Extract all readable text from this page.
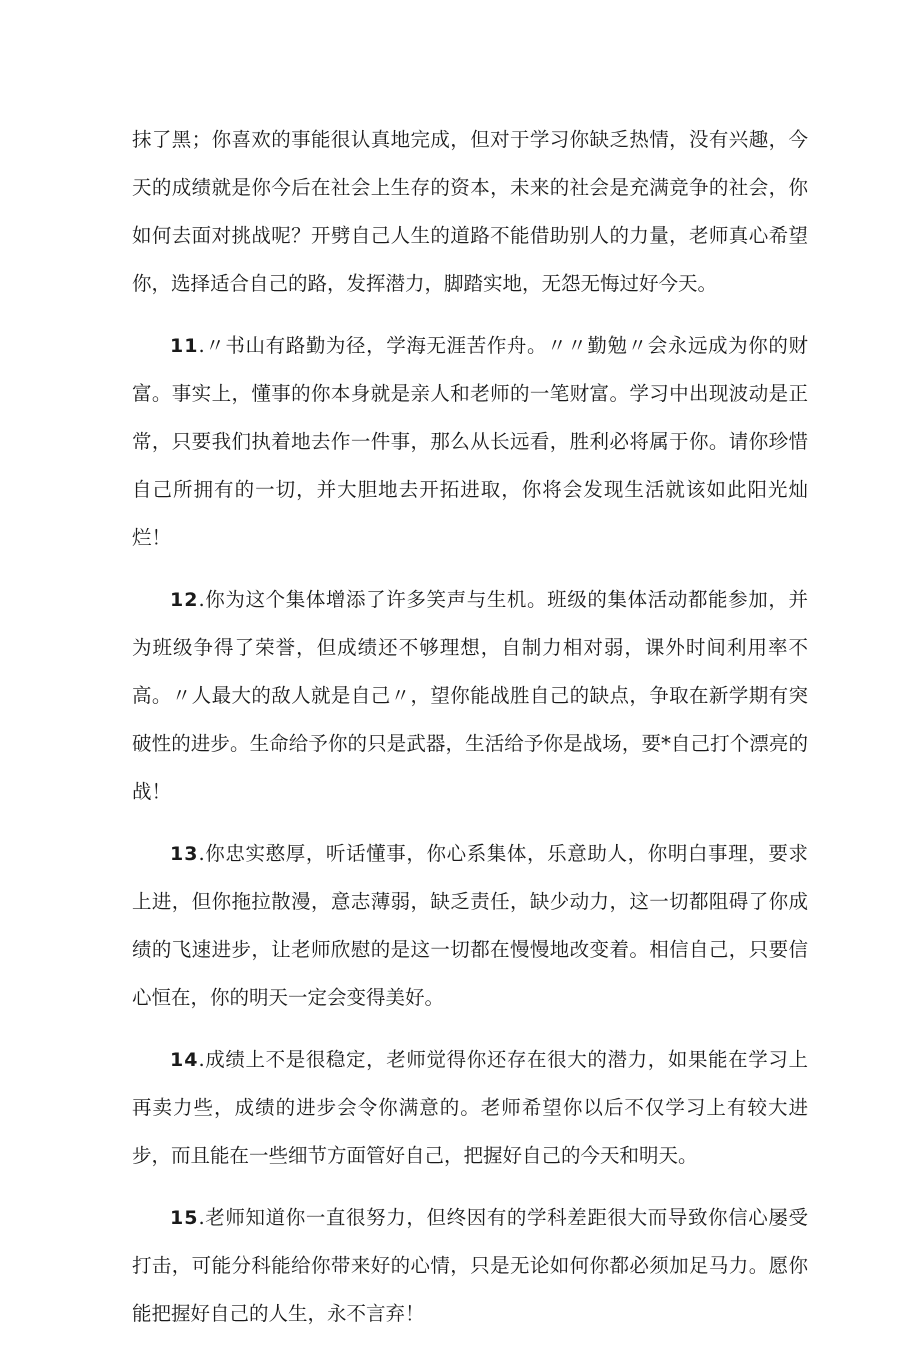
抹了黑；你喜欢的事能很认真地完成，但对于学习你缺乏热情，没有兴趣，今天的成绩就是你今后在社会上生存的资本，未来的社会是充满竞争的社会，你如何去面对挑战呢？开劈自己人生的道路不能借助别人的力量，老师真心希望你，选择适合自己的路，发挥潜力，脚踏实地，无怨无悔过好今天。

11.〃书山有路勤为径，学海无涯苦作舟。〃〃勤勉〃会永远成为你的财富。事实上，懂事的你本身就是亲人和老师的一笔财富。学习中出现波动是正常，只要我们执着地去作一件事，那么从长远看，胜利必将属于你。请你珍惜自己所拥有的一切，并大胆地去开拓进取，你将会发现生活就该如此阳光灿烂！

12.你为这个集体增添了许多笑声与生机。班级的集体活动都能参加，并为班级争得了荣誉，但成绩还不够理想，自制力相对弱，课外时间利用率不高。〃人最大的敌人就是自己〃，望你能战胜自己的缺点，争取在新学期有突破性的进步。生命给予你的只是武器，生活给予你是战场，要*自己打个漂亮的战！

13.你忠实憨厚，听话懂事，你心系集体，乐意助人，你明白事理，要求上进，但你拖拉散漫，意志薄弱，缺乏责任，缺少动力，这一切都阻碍了你成绩的飞速进步，让老师欣慰的是这一切都在慢慢地改变着。相信自己，只要信心恒在，你的明天一定会变得美好。

14.成绩上不是很稳定，老师觉得你还存在很大的潜力，如果能在学习上再卖力些，成绩的进步会令你满意的。老师希望你以后不仅学习上有较大进步，而且能在一些细节方面管好自己，把握好自己的今天和明天。

15.老师知道你一直很努力，但终因有的学科差距很大而导致你信心屡受打击，可能分科能给你带来好的心情，只是无论如何你都必须加足马力。愿你能把握好自己的人生，永不言弃！
